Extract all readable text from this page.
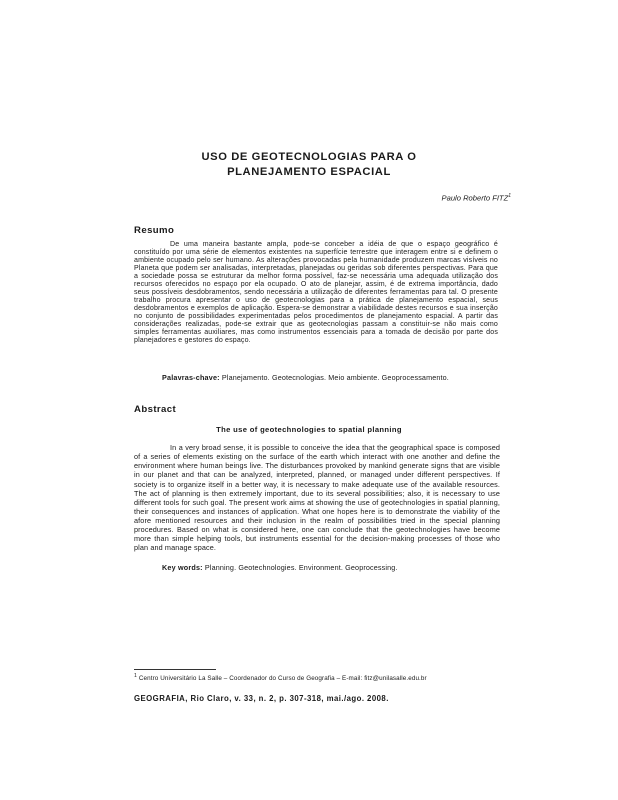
USO DE GEOTECNOLOGIAS PARA O
PLANEJAMENTO ESPACIAL
Paulo Roberto FITZ$^1$
Resumo

De uma maneira bastante ampla, pode-se conceber a idéia de que o espaço geográfico é constituído por uma série de elementos existentes na superfície terrestre que interagem entre si e definem o ambiente ocupado pelo ser humano. As alterações provocadas pela humanidade produzem marcas visíveis no Planeta que podem ser analisadas, interpretadas, planejadas ou geridas sob diferentes perspectivas. Para que a sociedade possa se estruturar da melhor forma possível, faz-se necessária uma adequada utilização dos recursos oferecidos no espaço por ela ocupado. O ato de planejar, assim, é de extrema importância, dado seus possíveis desdobramentos, sendo necessária a utilização de diferentes ferramentas para tal. O presente trabalho procura apresentar o uso de geotecnologias para a prática de planejamento espacial, seus desdobramentos e exemplos de aplicação. Espera-se demonstrar a viabilidade destes recursos e sua inserção no conjunto de possibilidades experimentadas pelos procedimentos de planejamento espacial. A partir das considerações realizadas, pode-se extrair que as geotecnologias passam a constituir-se não mais como simples ferramentas auxiliares, mas como instrumentos essenciais para a tomada de decisão por parte dos planejadores e gestores do espaço.

Palavras-chave: Planejamento. Geotecnologias. Meio ambiente. Geoprocessamento.
Abstract
The use of geotechnologies to spatial planning

In a very broad sense, it is possible to conceive the idea that the geographical space is composed of a series of elements existing on the surface of the earth which interact with one another and define the environment where human beings live. The disturbances provoked by mankind generate signs that are visible in our planet and that can be analyzed, interpreted, planned, or managed under different perspectives. If society is to organize itself in a better way, it is necessary to make adequate use of the available resources. The act of planning is then extremely important, due to its several possibilities; also, it is necessary to use different tools for such goal. The present work aims at showing the use of geotechnologies in spatial planning, their consequences and instances of application. What one hopes here is to demonstrate the viability of the afore mentioned resources and their inclusion in the realm of possibilities tried in the special planning procedures. Based on what is considered here, one can conclude that the geotechnologies have become more than simple helping tools, but instruments essential for the decision-making processes of those who plan and manage space.

Key words: Planning. Geotechnologies. Environment. Geoprocessing.
$^1$ Centro Universitário La Salle – Coordenador do Curso de Geografia – E-mail: fitz@unilasalle.edu.br
GEOGRAFIA, Rio Claro, v. 33, n. 2, p. 307-318, mai./ago. 2008.
